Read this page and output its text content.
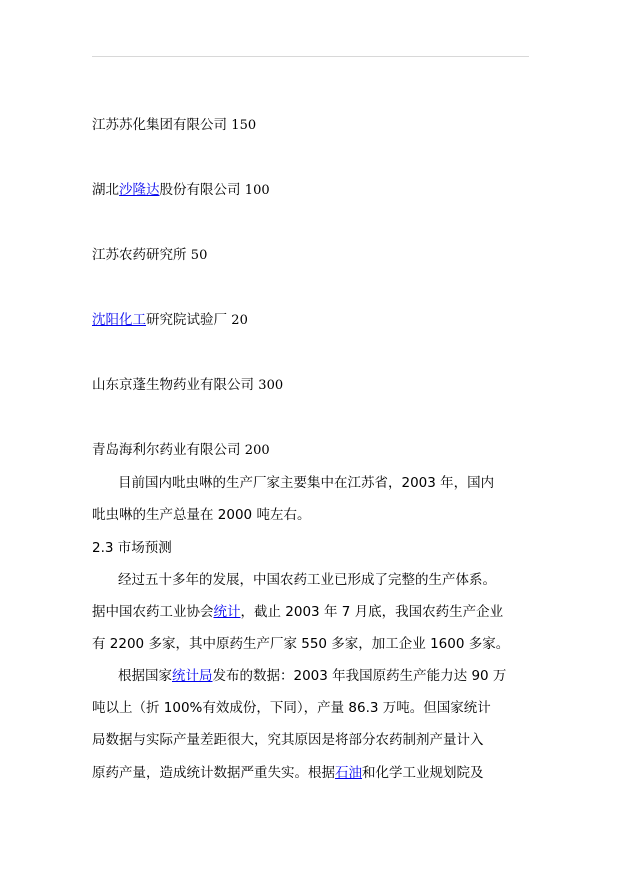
江苏苏化集团有限公司 150
湖北沙隆达股份有限公司 100
江苏农药研究所 50
沈阳化工研究院试验厂 20
山东京蓬生物药业有限公司 300
青岛海利尔药业有限公司 200
目前国内吡虫啉的生产厂家主要集中在江苏省，2003 年，国内
吡虫啉的生产总量在 2000 吨左右。
2.3 市场预测
经过五十多年的发展，中国农药工业已形成了完整的生产体系。
据中国农药工业协会统计，截止 2003 年 7 月底，我国农药生产企业
有 2200 多家，其中原药生产厂家 550 多家，加工企业 1600 多家。
根据国家统计局发布的数据：2003 年我国原药生产能力达 90 万
吨以上（折 100%有效成份，下同），产量 86.3 万吨。但国家统计
局数据与实际产量差距很大，究其原因是将部分农药制剂产量计入
原药产量，造成统计数据严重失实。根据石油和化学工业规划院及
